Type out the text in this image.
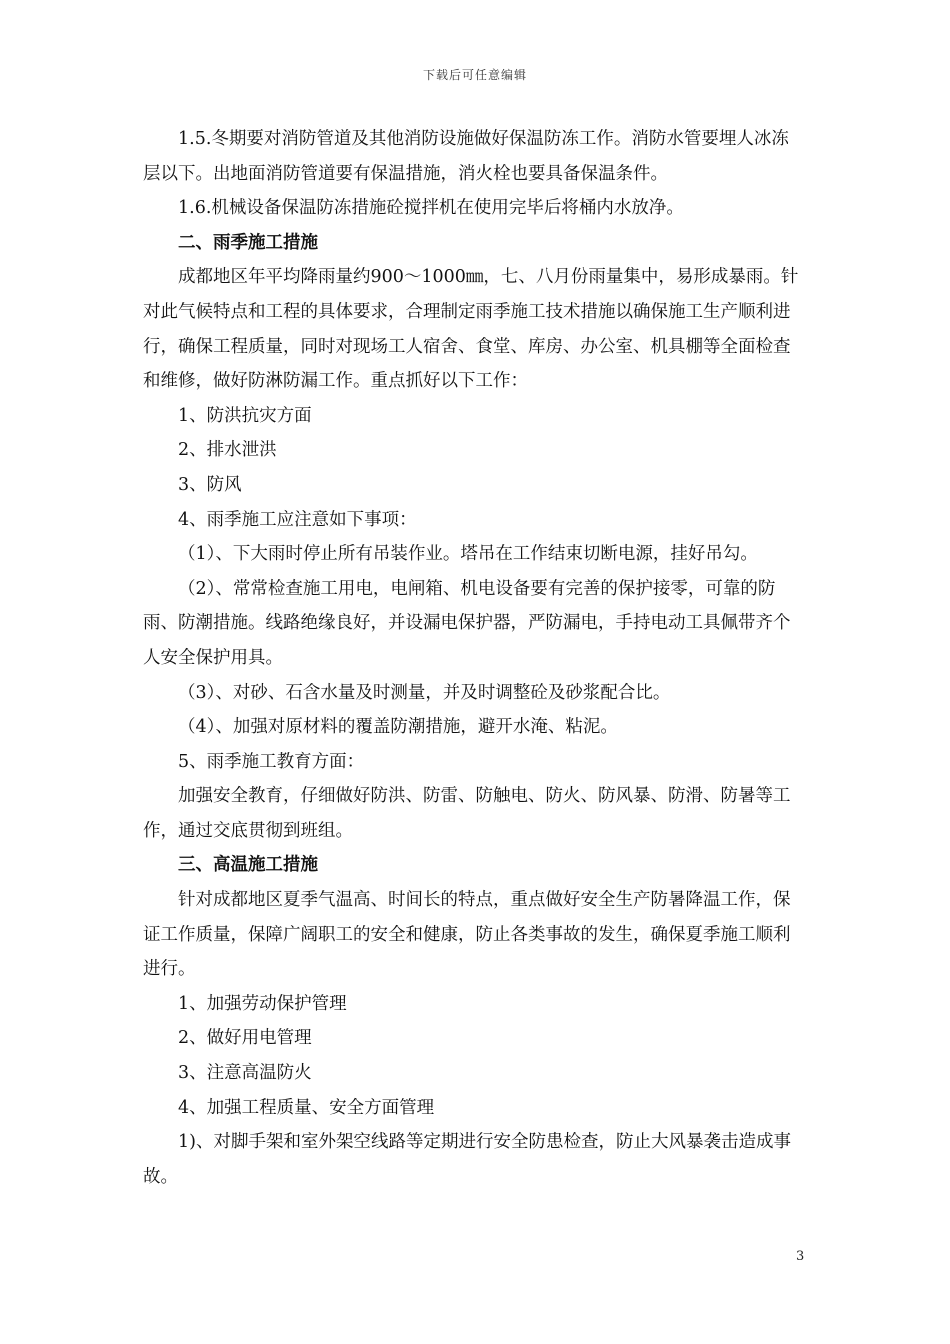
下载后可任意编辑

1.5.冬期要对消防管道及其他消防设施做好保温防冻工作。消防水管要埋人冰冻层以下。出地面消防管道要有保温措施，消火栓也要具备保温条件。

1.6.机械设备保温防冻措施砼搅拌机在使用完毕后将桶内水放净。

二、雨季施工措施

成都地区年平均降雨量约900～1000㎜，七、八月份雨量集中，易形成暴雨。针对此气候特点和工程的具体要求，合理制定雨季施工技术措施以确保施工生产顺利进行，确保工程质量，同时对现场工人宿舍、食堂、库房、办公室、机具棚等全面检查和维修，做好防淋防漏工作。重点抓好以下工作：

1、防洪抗灾方面

2、排水泄洪

3、防风

4、雨季施工应注意如下事项：

（1）、下大雨时停止所有吊装作业。塔吊在工作结束切断电源，挂好吊勾。

（2）、常常检查施工用电，电闸箱、机电设备要有完善的保护接零，可靠的防雨、防潮措施。线路绝缘良好，并设漏电保护器，严防漏电，手持电动工具佩带齐个人安全保护用具。

（3）、对砂、石含水量及时测量，并及时调整砼及砂浆配合比。

（4）、加强对原材料的覆盖防潮措施，避开水淹、粘泥。

5、雨季施工教育方面：

加强安全教育，仔细做好防洪、防雷、防触电、防火、防风暴、防滑、防暑等工作，通过交底贯彻到班组。

三、高温施工措施

针对成都地区夏季气温高、时间长的特点，重点做好安全生产防暑降温工作，保证工作质量，保障广阔职工的安全和健康，防止各类事故的发生，确保夏季施工顺利进行。

1、加强劳动保护管理

2、做好用电管理

3、注意高温防火

4、加强工程质量、安全方面管理

1)、对脚手架和室外架空线路等定期进行安全防患检查，防止大风暴袭击造成事故。

3
